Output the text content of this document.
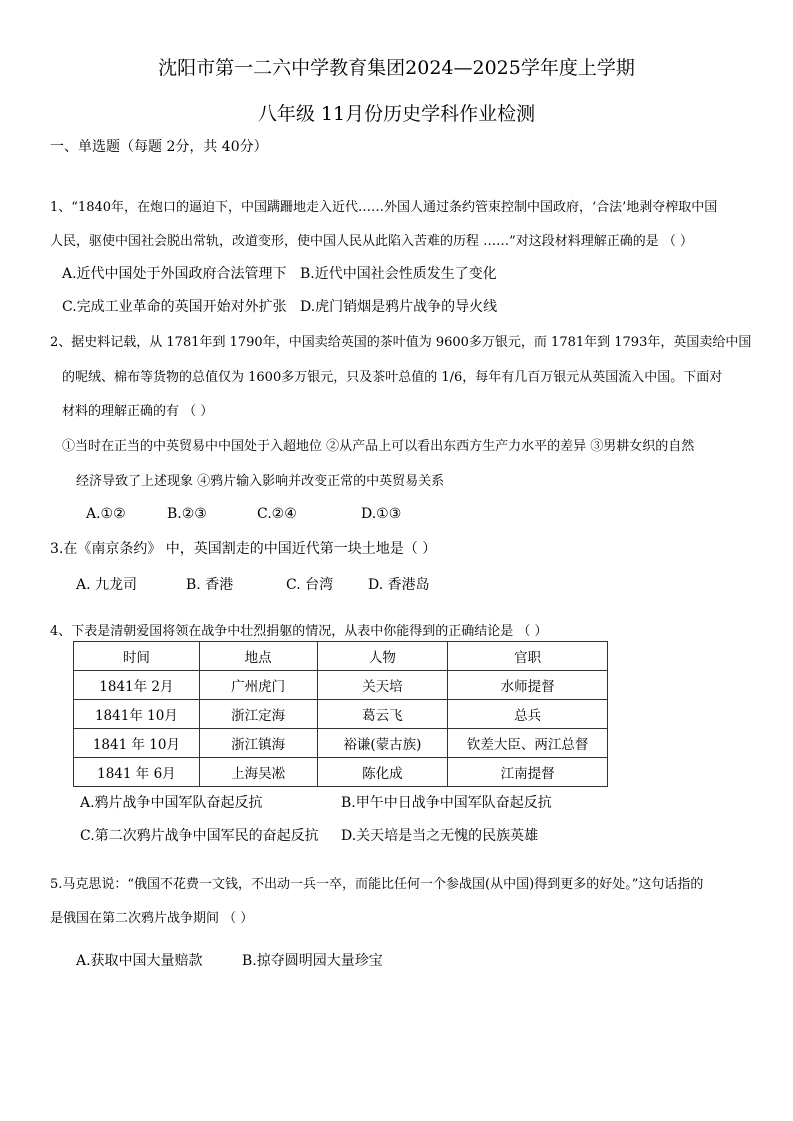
沈阳市第一二六中学教育集团2024—2025学年度上学期
八年级 11月份历史学科作业检测
一、单选题（每题 2分，共 40分）
1、“1840年，在炮口的逼迫下，中国蹒跚地走入近代……外国人通过条约管束控制中国政府，‘合法’地剥夺榨取中国
人民，驱使中国社会脱出常轨，改道变形，使中国人民从此陷入苦难的历程 ……”对这段材料理解正确的是 （ ）
A.近代中国处于外国政府合法管理下 B.近代中国社会性质发生了变化
C.完成工业革命的英国开始对外扩张 D.虎门销烟是鸦片战争的导火线
2、据史料记载，从 1781年到 1790年，中国卖给英国的茶叶值为 9600多万银元，而 1781年到 1793年，英国卖给中国
的呢绒、棉布等货物的总值仅为 1600多万银元，只及茶叶总值的 1/6，每年有几百万银元从英国流入中国。下面对
材料的理解正确的有 （ ）
①当时在正当的中英贸易中中国处于入超地位 ②从产品上可以看出东西方生产力水平的差异 ③男耕女织的自然
经济导致了上述现象 ④鸦片输入影响并改变正常的中英贸易关系
A.①②	B.②③	C.②④	D.①③
3.在《南京条约》 中，英国割走的中国近代第一块土地是（ ）
A. 九龙司	B. 香港	C. 台湾 D. 香港岛
4、下表是清朝爱国将领在战争中壮烈捐躯的情况，从表中你能得到的正确结论是 （ ）
时间	地点	人物	官职
1841年 2月	广州虎门	关天培	水师提督
1841年 10月	浙江定海	葛云飞	总兵
1841 年 10月	浙江镇海	裕谦(蒙古族)	钦差大臣、两江总督
1841 年 6月	上海吴凇	陈化成	江南提督
A.鸦片战争中国军队奋起反抗	B.甲午中日战争中国军队奋起反抗
C.第二次鸦片战争中国军民的奋起反抗 D.关天培是当之无愧的民族英雄
5.马克思说：“俄国不花费一文钱，不出动一兵一卒，而能比任何一个参战国(从中国)得到更多的好处。”这句话指的
是俄国在第二次鸦片战争期间 （ ）
A.获取中国大量赔款	B.掠夺圆明园大量珍宝
